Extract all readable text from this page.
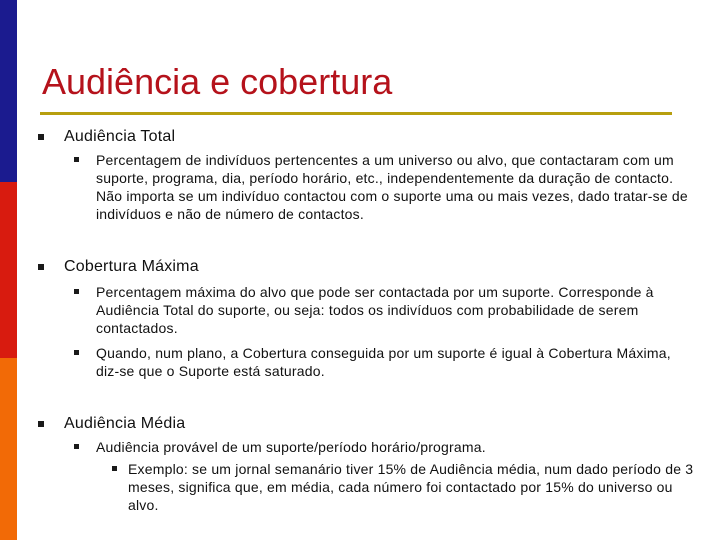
Audiência e cobertura
Audiência Total
Percentagem de indivíduos pertencentes a um universo ou alvo, que contactaram com um suporte, programa, dia, período horário, etc., independentemente da duração de contacto. Não importa se um indivíduo contactou com o suporte uma ou mais vezes, dado tratar-se de indivíduos e não de número de contactos.
Cobertura Máxima
Percentagem máxima do alvo que pode ser contactada por um suporte. Corresponde à Audiência Total do suporte, ou seja: todos os indivíduos com probabilidade de serem contactados.
Quando, num plano, a Cobertura conseguida por um suporte é igual à Cobertura Máxima, diz-se que o Suporte está saturado.
Audiência Média
Audiência provável de um suporte/período horário/programa.
Exemplo: se um jornal semanário tiver 15% de Audiência média, num dado período de 3 meses, significa que, em média, cada número foi contactado por 15% do universo ou alvo.
